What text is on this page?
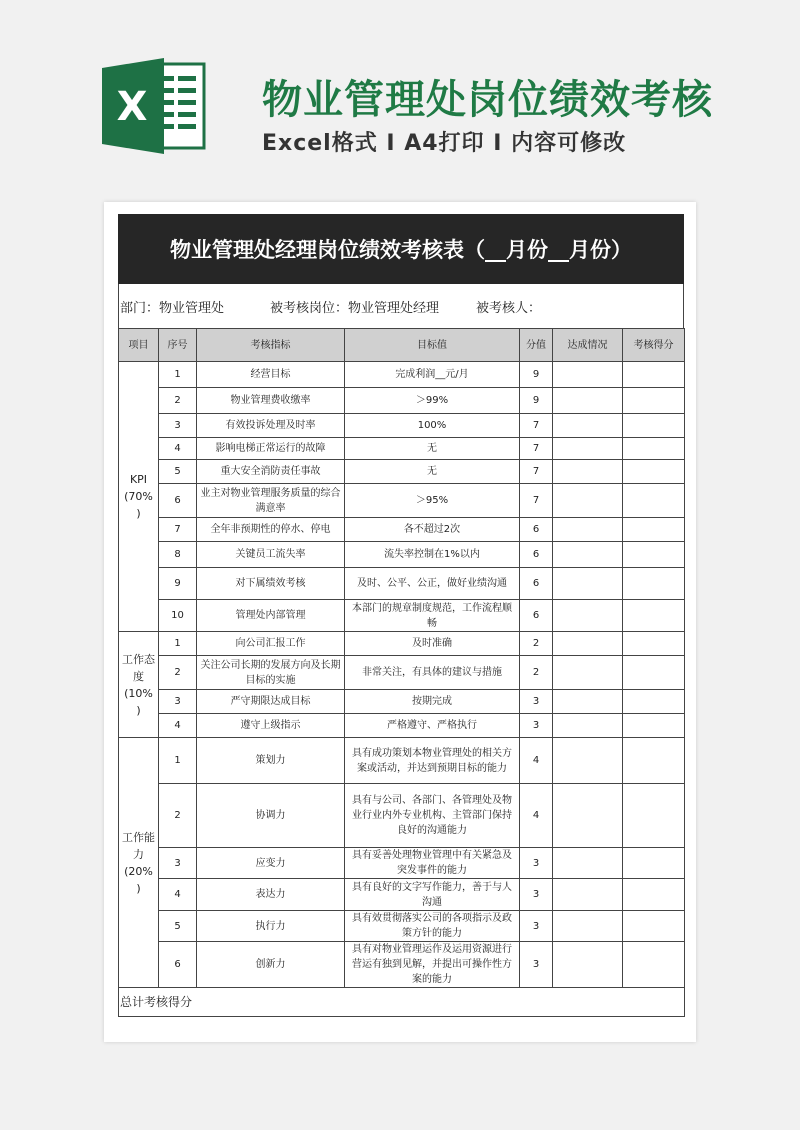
X	物业管理处岗位绩效考核
Excel格式 I A4打印 I 内容可修改
物业管理处经理岗位绩效考核表（__月份__月份）
部门：物业管理处	被考核岗位：物业管理处经理	被考核人：
项目	序号	考核指标	目标值	分值	达成情况	考核得分
KPI
(70%
)	1	经营目标	完成利润__元/月	9		
	2	物业管理费收缴率	＞99%	9		
	3	有效投诉处理及时率	100%	7		
	4	影响电梯正常运行的故障	无	7		
	5	重大安全消防责任事故	无	7		
	6	业主对物业管理服务质量的综合满意率	＞95%	7		
	7	全年非预期性的停水、停电	各不超过2次	6		
	8	关键员工流失率	流失率控制在1%以内	6		
	9	对下属绩效考核	及时、公平、公正，做好业绩沟通	6		
	10	管理处内部管理	本部门的规章制度规范，工作流程顺畅	6		
工作态
度
(10%
)	1	向公司汇报工作	及时准确	2		
	2	关注公司长期的发展方向及长期目标的实施	非常关注，有具体的建议与措施	2		
	3	严守期限达成目标	按期完成	3		
	4	遵守上级指示	严格遵守、严格执行	3		
工作能
力
(20%
)	1	策划力	具有成功策划本物业管理处的相关方案或活动，并达到预期目标的能力	4		
	2	协调力	具有与公司、各部门、各管理处及物业行业内外专业机构、主管部门保持良好的沟通能力	4		
	3	应变力	具有妥善处理物业管理中有关紧急及突发事件的能力	3		
	4	表达力	具有良好的文字写作能力，善于与人沟通	3		
	5	执行力	具有效贯彻落实公司的各项指示及政策方针的能力	3		
	6	创新力	具有对物业管理运作及运用资源进行营运有独到见解，并提出可操作性方案的能力	3		
总计考核得分						
